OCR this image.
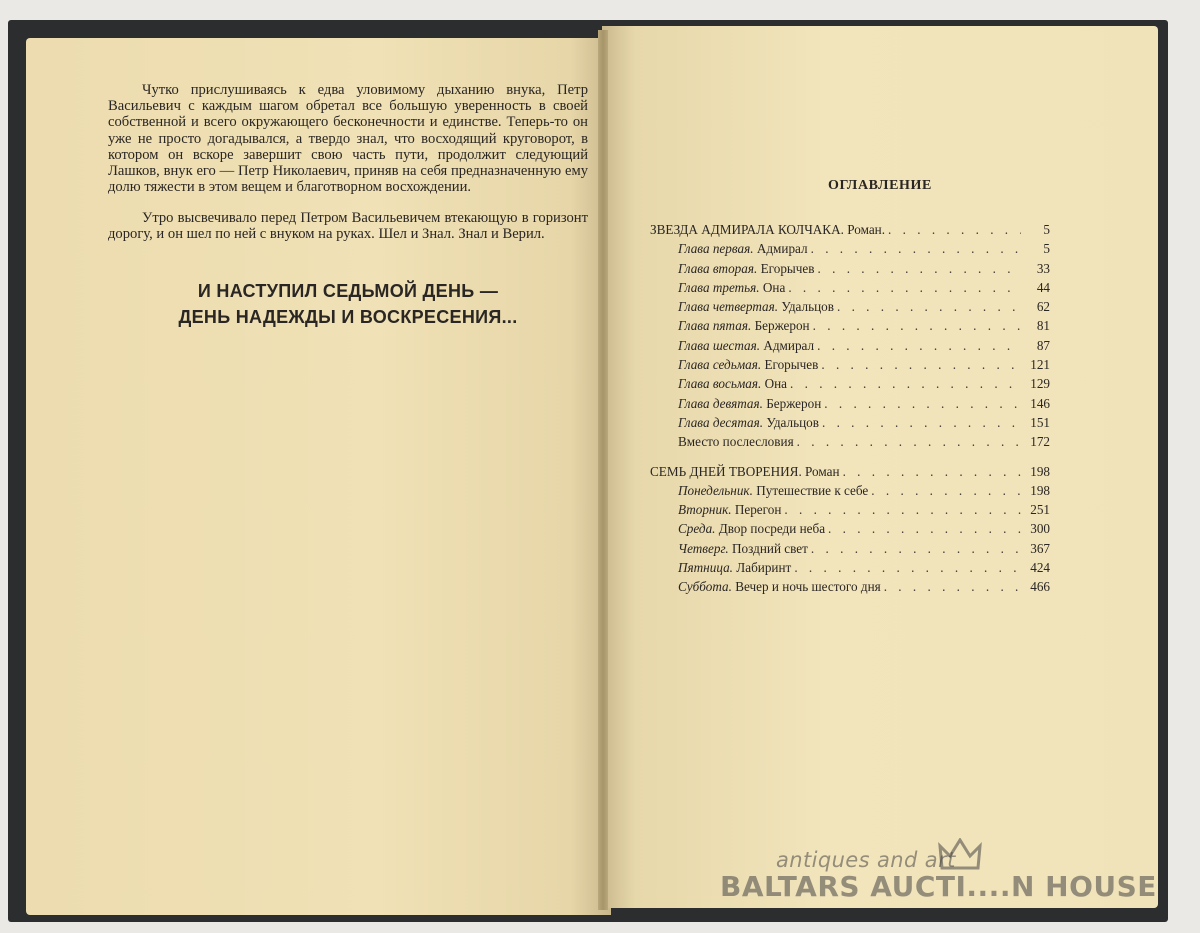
Чутко прислушиваясь к едва уловимому дыханию внука, Петр Васильевич с каждым шагом обретал все большую уверенность в своей собственной и всего окружающего бесконечности и единстве. Теперь-то он уже не просто догадывался, а твердо знал, что восходящий круговорот, в котором он вскоре завершит свою часть пути, продолжит следующий Лашков, внук его — Петр Николаевич, приняв на себя предназначенную ему долю тяжести в этом вещем и благотворном восхождении.

Утро высвечивало перед Петром Васильевичем втекающую в горизонт дорогу, и он шел по ней с внуком на руках. Шел и Знал. Знал и Верил.

И НАСТУПИЛ СЕДЬМОЙ ДЕНЬ —
ДЕНЬ НАДЕЖДЫ И ВОСКРЕСЕНИЯ...
ОГЛАВЛЕНИЕ
ЗВЕЗДА АДМИРАЛА КОЛЧАКА. Роман. . . .	5
Глава первая. Адмирал . . .	5
Глава вторая. Егорычев . . .	33
Глава третья. Она . . .	44
Глава четвертая. Удальцов . . .	62
Глава пятая. Бержерон . . .	81
Глава шестая. Адмирал . . .	87
Глава седьмая. Егорычев . . .	121
Глава восьмая. Она . . .	129
Глава девятая. Бержерон . . .	146
Глава десятая. Удальцов . . .	151
Вместо послесловия . . .	172
СЕМЬ ДНЕЙ ТВОРЕНИЯ. Роман . . .	198
Понедельник. Путешествие к себе . . .	198
Вторник. Перегон . . .	251
Среда. Двор посреди неба . . .	300
Четверг. Поздний свет . . .	367
Пятница. Лабиринт . . .	424
Суббота. Вечер и ночь шестого дня . . .	466
antiques and art
BALTARS AUCTI....N HOUSE
